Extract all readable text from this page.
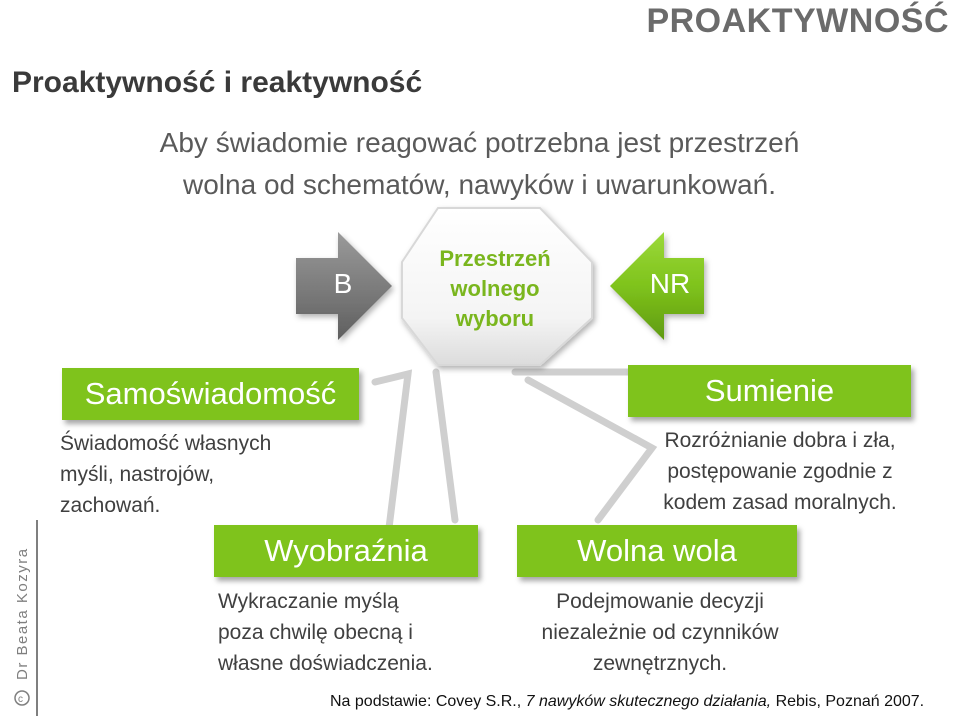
PROAKTYWNOŚĆ
Proaktywność i reaktywność
Aby świadomie reagować potrzebna jest przestrzeń
wolna od schematów, nawyków i uwarunkowań.
B	NR
Przestrzeń
wolnego
wyboru
Samoświadomość
Świadomość własnych
myśli, nastrojów,
zachowań.
Sumienie
Rozróżnianie dobra i zła,
postępowanie zgodnie z
kodem zasad moralnych.
Wyobraźnia
Wykraczanie myślą
poza chwilę obecną i
własne doświadczenia.
Wolna wola
Podejmowanie decyzji
niezależnie od czynników
zewnętrznych.
Na podstawie: Covey S.R., 7 nawyków skutecznego działania, Rebis, Poznań 2007.
Dr Beata Kozyra
c
